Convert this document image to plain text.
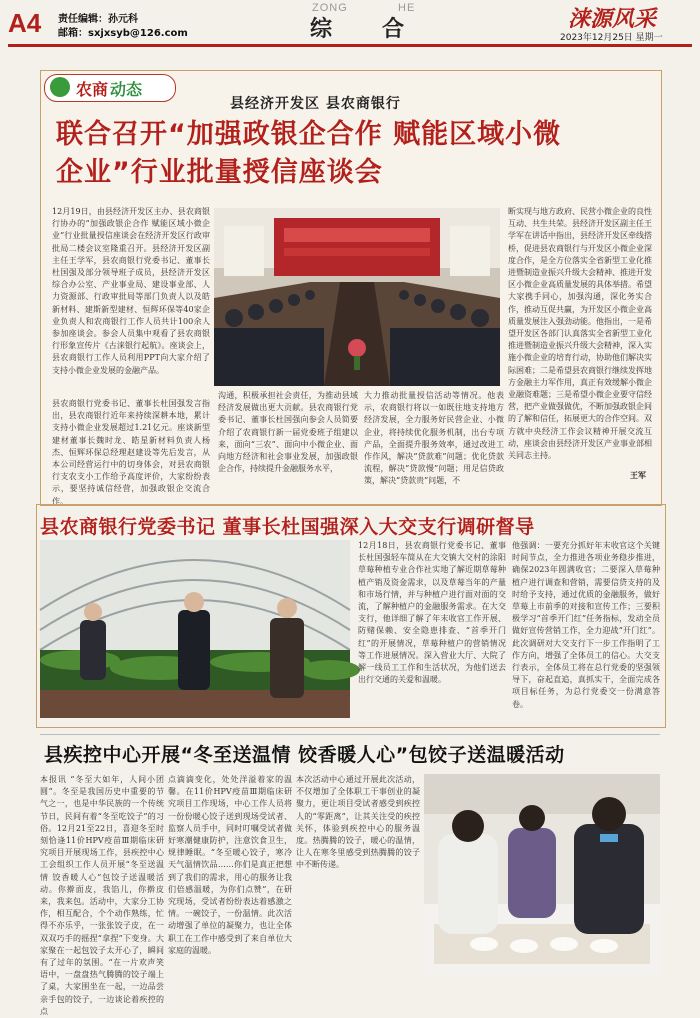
A4 责任编辑：孙元科
邮箱：sxjxsyb@126.com
ZONG	HE
综合	涞源风采
2023年12月25日 星期一
农商 动态
县经济开发区 县农商银行
联合召开“加强政银企合作 赋能区域小微
企业”行业批量授信座谈会
12月19日，由县经济开发区主办、县农商银行协办的“加强政银企合作 赋能区域小微企业”行业批量授信座谈会在经济开发区行政审批局二楼会议室隆重召开。县经济开发区副主任王学军，县农商银行党委书记、董事长杜国强及部分领导班子成员，县经济开发区综合办公室、产业事业局、建设事业部、人力资源部、行政审批局等部门负责人以及皓新材料、建斯新型建材、恒辉环保等40家企业负责人和农商银行工作人员共计100余人参加座谈会。参会人员集中观看了县农商银行形象宣传片《古涞银行起航》。座谈会上，县农商银行工作人员利用PPT向大家介绍了支持小微企业发展的金融产品。
县农商银行党委书记、董事长杜国强发言指出，县农商银行近年来持续深耕本地，累计支持小微企业发展超过1.21亿元。座谈新型建材董事长魏时龙、皓星新材料负责人杨杰、恒辉环保总经理赵建设等先后发言，从本公司经营运行中的切身体会，对县农商银行支农支小工作给予高度评价，大家纷纷表示，要坚持诚信经营，加强政银企交流合作。
沟通，积极承担社会责任，为推动县域经济发展做出更大贡献。县农商银行党委书记、董事长杜国强向参会人员简要介绍了农商银行新一届党委班子组建以来，面向“三农”、面向中小微企业、面向地方经济和社会事业发展，加强政银企合作，持续提升金融服务水平，
大力推动批量授信活动等情况。他表示，农商银行将以一如既往地支持地方经济发展，全力服务好民营企业、小微企业，将持续优化服务机制，出台专项产品，全面提升服务效率，通过改进工作作风，解决“贷款难”问题；优化贷款流程，解决“贷款慢”问题；用足信贷政策，解决“贷款贵”问题，不
断实现与地方政府、民营小微企业的良性互动、共生共荣。县经济开发区副主任王学军在讲话中指出，县经济开发区牵线搭桥，促进县农商银行与开发区小微企业深度合作，是全方位落实全省新型工业化推进暨制造业振兴升级大会精神、推进开发区小微企业高质量发展的具体举措。希望大家携手同心，加强沟通，深化务实合作，推动互促共赢，为开发区小微企业高质量发展注入强劲动能。他指出，一是希望开发区各部门认真落实全省新型工业化推进暨制造业振兴升级大会精神，深入实施小微企业的培育行动，协助他们解决实际困难；二是希望县农商银行继续发挥地方金融主力军作用，真正有效缓解小微企业融资难题；三是希望小微企业要守信经营，把产业做强做优，不断加强政银企间的了解和信任，拓展更大的合作空间。双方就中央经济工作会议精神开展交流互动，座谈会由县经济开发区产业事业部相关同志主持。
王军
县农商银行党委书记 董事长杜国强深入大交支行调研督导
12月18日，县农商银行党委书记、董事长杜国强轻车简从在大交镇大交村的涂阳草莓种植专业合作社实地了解近期草莓种植产销及资金需求，以及草莓当年的产量和市场行情，并与种植户进行面对面的交流，了解种植户的金融服务需求。在大交支行，他详细了解了年末收官工作开展、防赌保赖、安全隐患排查、“首季开门红”的开展情况，草莓种植户的营销情况等工作进展情况。深入营业大厅、大院了解一线员工工作和生活状况，为他们送去出行交通的关爱和温暖。
他强调：一要充分抓好年末收官这个关键时间节点，全力推进各项业务稳步推进，确保2023年圆满收官；二要深入草莓种植户进行调查和营销，需要信贷支持的及时给予支持，通过优质的金融服务，做好草莓上市前季的对接和宣传工作；三要积极学习“首季开门红”任务指标，发动全员做好宣传营销工作，全力迎战“开门红”。此次调研对大交支行下一步工作指明了工作方向，增强了全体员工的信心。大交支行表示，全体员工将在总行党委的坚强领导下，奋起直追，真抓实干，全面完成各项目标任务，为总行党委交一份满意答卷。
县疾控中心开展“冬至送温情 饺香暖人心”包饺子送温暖活动
本报讯 “冬至大如年，人间小团圆”。冬至是我国历史中重要的节气之一，也是中华民族的一个传统节日，民间有着“冬至吃饺子”的习俗。12月21至22日，喜迎冬至时刻恰逢11价HPV疫苗Ⅲ期临床研究项目开展现场工作，县疾控中心工会组织工作人员开展“冬至送温情 饺香暖人心”包饺子送温暖活动。你擀面皮，我馅儿，你擀皮来，我来包。活动中，大家分工协作，相互配合，个个动作熟练，忙得不亦乐乎，一张张饺子皮，在一双双巧手的摇捏“拿捏”下变身。大家聚在一起包饺子太开心了，瞬间有了过年的氛围。“在一片欢声笑语中，一盘盘热气腾腾的饺子端上了桌，大家围坐在一起，一边品尝亲手包的饺子，一边谈论着疾控的点
点滴滴变化，处处洋溢着家的温馨。在11价HPV疫苗Ⅲ期临床研究项目工作现场，中心工作人员将一份份暖心饺子送到现场受试者、监察人员手中，同时叮嘱受试者做好寒潮健康防护，注意饮食卫生，规律睡眠。“冬至暖心饺子，寒冷天气温情饮品……你们是真正把想到了我们的需求，用心的服务让我们倍感温暖，为你们点赞”，在研究现场，受试者纷纷表达着感激之情。一碗饺子，一份温情。此次活动增强了单位的凝聚力，也让全体职工在工作中感受到了来自单位大家庭的温暖。
本次活动中心通过开展此次活动，不仅增加了全体职工干事创业的凝聚力，更让项目受试者感受到疾控人的“零距离”，让其关注受的疾控关怀，体验到疾控中心的服务温度。热腾腾的饺子，暖心的温情，让人在寒冬里感受到热腾腾的饺子中不断传递。
